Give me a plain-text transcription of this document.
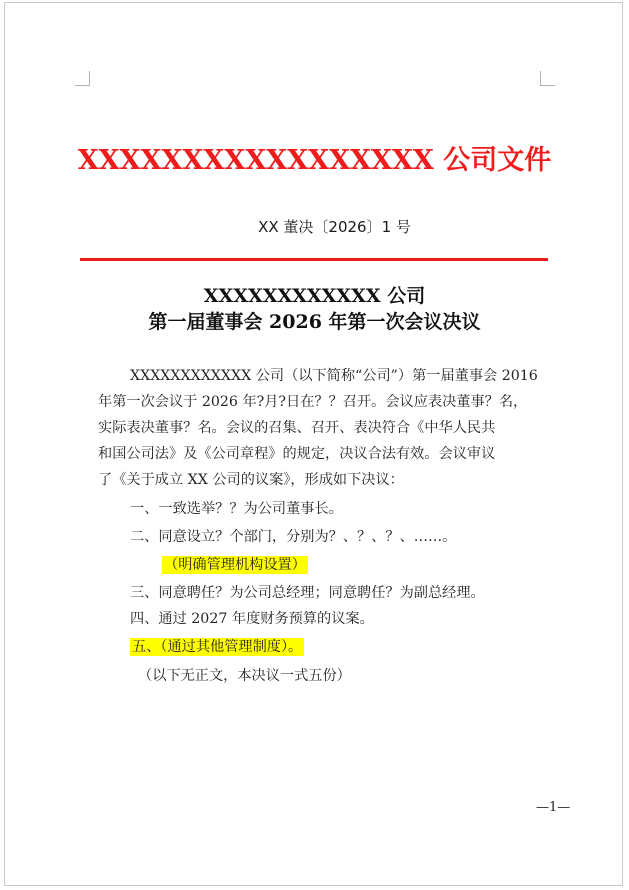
XXXXXXXXXXXXXXXXX 公司文件
XX 董决〔2026〕1 号
XXXXXXXXXXXX 公司
第一届董事会 2026 年第一次会议决议
XXXXXXXXXXXX 公司（以下简称“公司”）第一届董事会 2016
年第一次会议于 2026 年?月?日在？？召开。会议应表决董事？名，
实际表决董事？名。会议的召集、召开、表决符合《中华人民共
和国公司法》及《公司章程》的规定，决议合法有效。会议审议
了《关于成立 XX 公司的议案》，形成如下决议：
一、一致选举？？为公司董事长。
二、同意设立？个部门，分别为？、？、？、……。
（明确管理机构设置）
三、同意聘任？为公司总经理；同意聘任？为副总经理。
四、通过 2027 年度财务预算的议案。
五、（通过其他管理制度）。
（以下无正文，本决议一式五份）
—1—
